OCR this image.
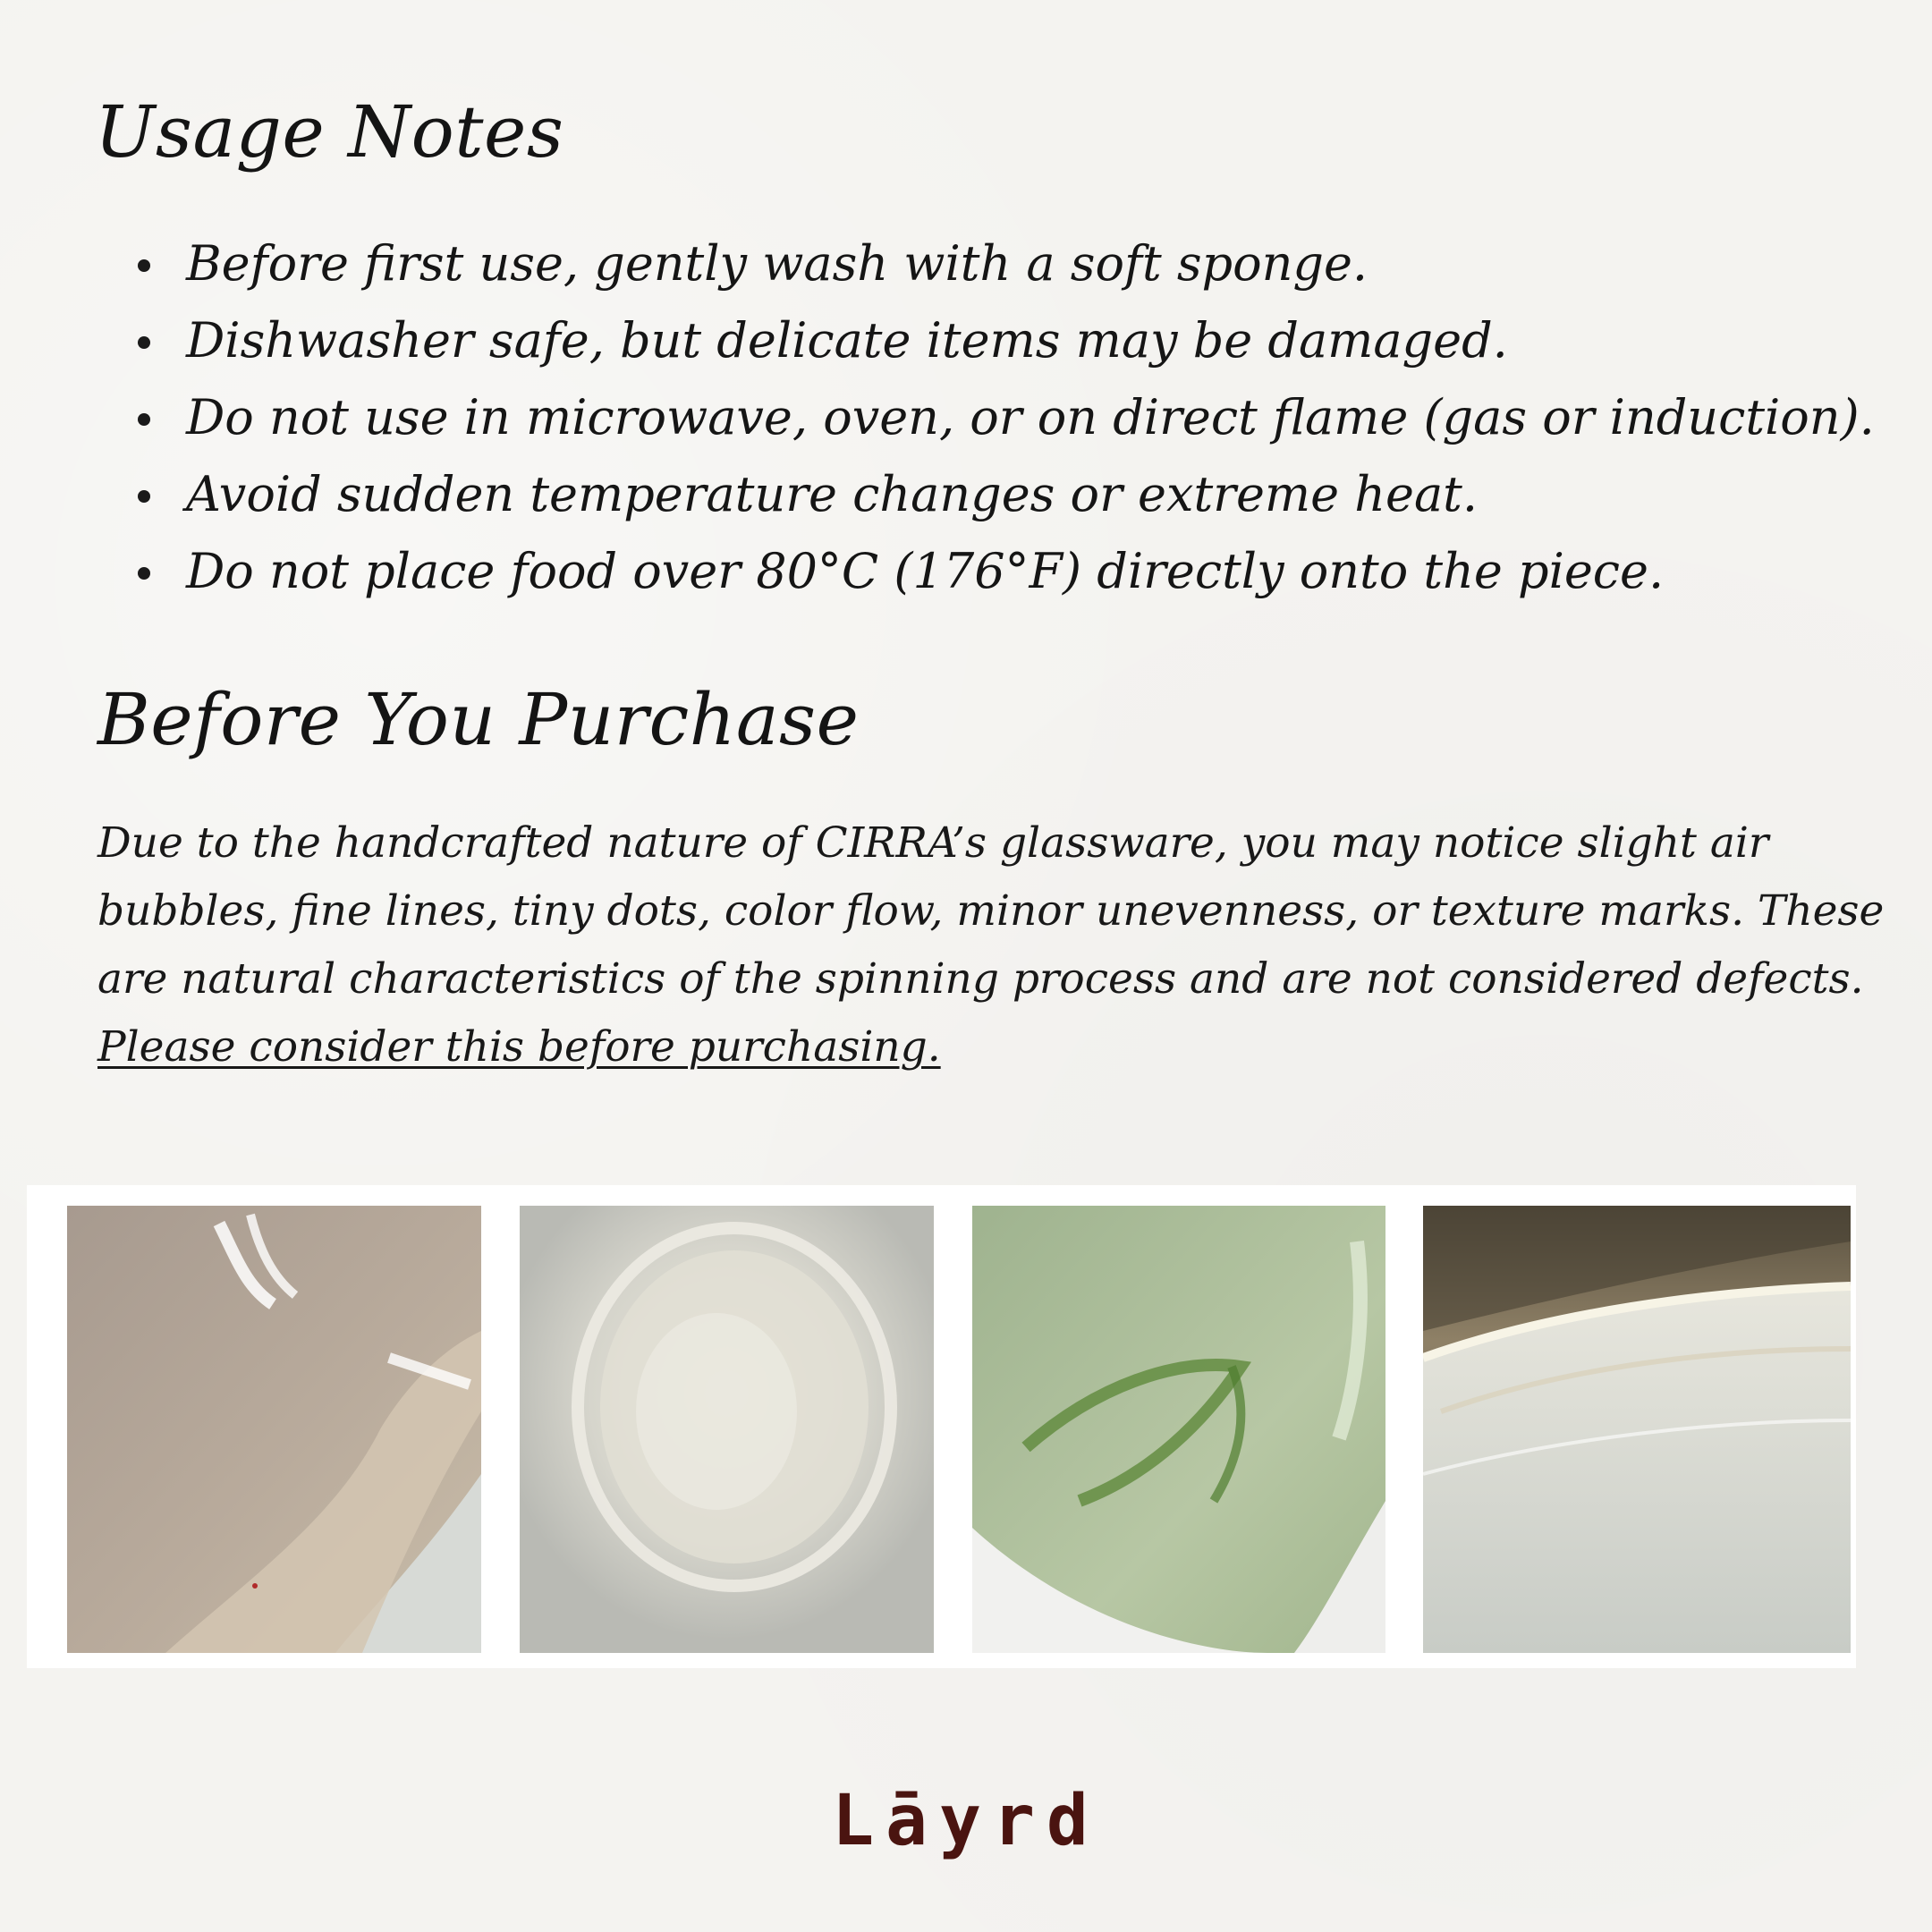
Usage Notes
Before first use, gently wash with a soft sponge.
Dishwasher safe, but delicate items may be damaged.
Do not use in microwave, oven, or on direct flame (gas or induction).
Avoid sudden temperature changes or extreme heat.
Do not place food over 80°C (176°F) directly onto the piece.
Before You Purchase

Due to the handcrafted nature of CIRRA’s glassware, you may notice slight air bubbles, fine lines, tiny dots, color flow, minor unevenness, or texture marks. These are natural characteristics of the spinning process and are not considered defects. Please consider this before purchasing.

Lāyrd
